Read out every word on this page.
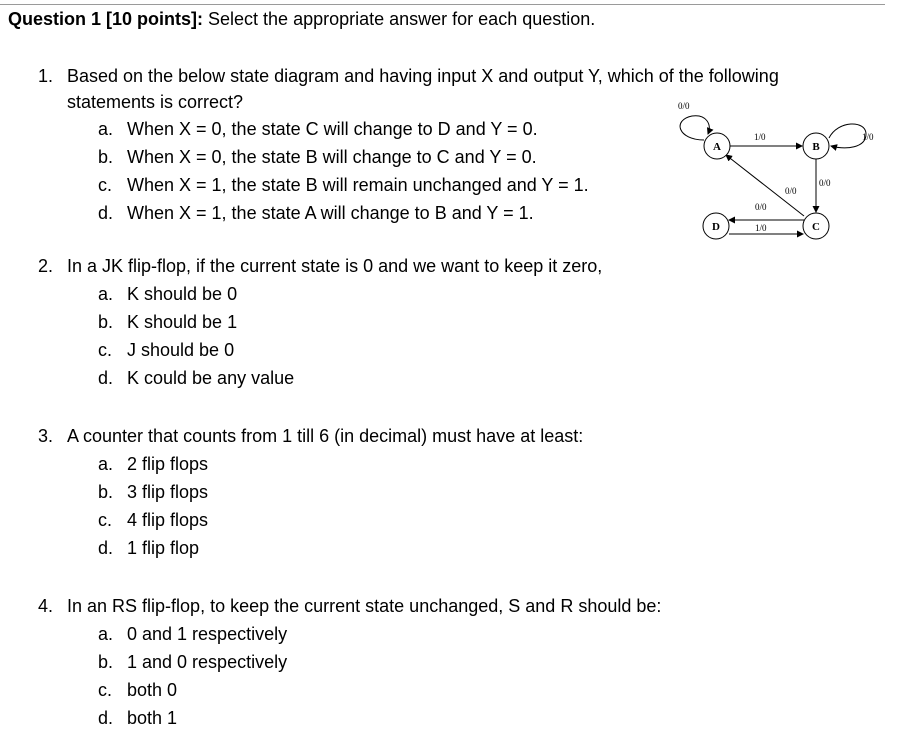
Question 1 [10 points]: Select the appropriate answer for each question.
1. Based on the below state diagram and having input X and output Y, which of the following
statements is correct?
a. When X = 0, the state C will change to D and Y = 0.
b. When X = 0, the state B will change to C and Y = 0.
c. When X = 1, the state B will remain unchanged and Y = 1.
d. When X = 1, the state A will change to B and Y = 1.
0/0
1/0	1/0
0/0
0/0
0/0
1/0
A	B
C
D
2. In a JK flip-flop, if the current state is 0 and we want to keep it zero,
a. K should be 0
b. K should be 1
c. J should be 0
d. K could be any value
3. A counter that counts from 1 till 6 (in decimal) must have at least:
a. 2 flip flops
b. 3 flip flops
c. 4 flip flops
d. 1 flip flop
4. In an RS flip-flop, to keep the current state unchanged, S and R should be:
a. 0 and 1 respectively
b. 1 and 0 respectively
c. both 0
d. both 1
